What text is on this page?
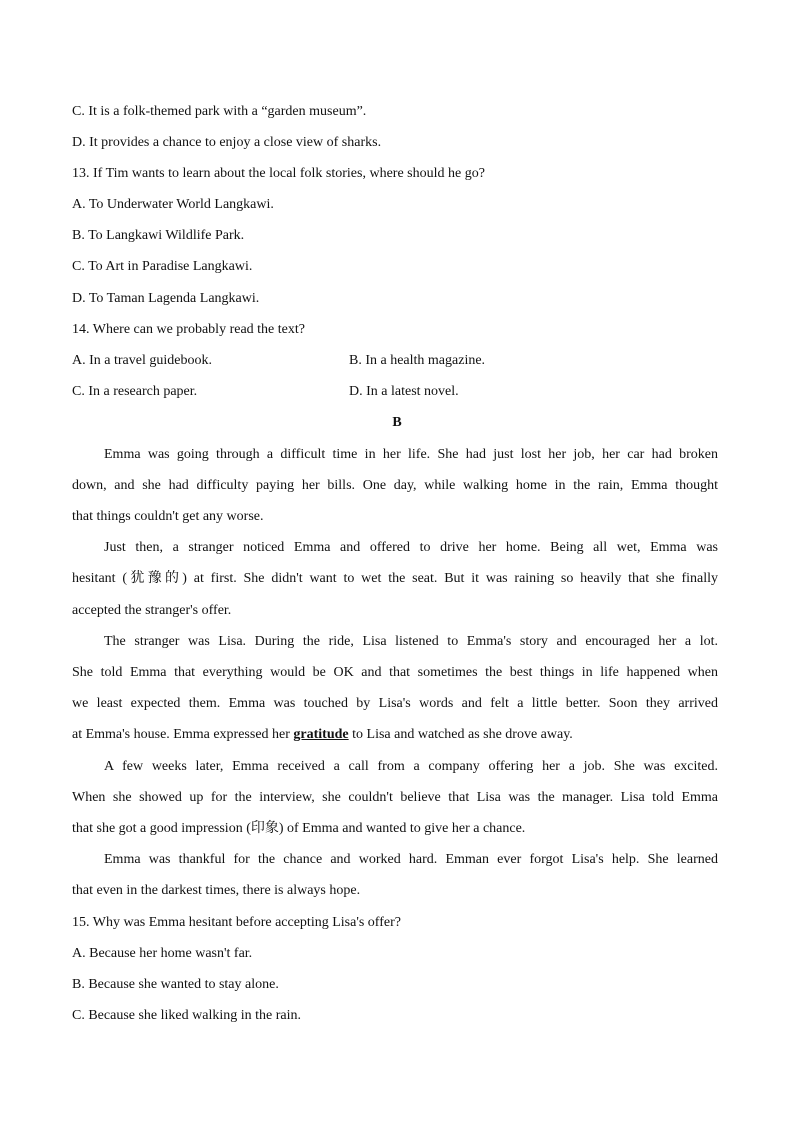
C. It is a folk-themed park with a “garden museum”.
D. It provides a chance to enjoy a close view of sharks.
13. If Tim wants to learn about the local folk stories, where should he go?
A. To Underwater World Langkawi.
B. To Langkawi Wildlife Park.
C. To Art in Paradise Langkawi.
D. To Taman Lagenda Langkawi.
14. Where can we probably read the text?
A. In a travel guidebook.	B. In a health magazine.
C. In a research paper.	D. In a latest novel.
B
Emma was going through a difficult time in her life. She had just lost her job, her car had broken
down, and she had difficulty paying her bills. One day, while walking home in the rain, Emma thought
that things couldn't get any worse.
Just then, a stranger noticed Emma and offered to drive her home. Being all wet, Emma was
hesitant (犹豫的) at first. She didn't want to wet the seat. But it was raining so heavily that she finally
accepted the stranger's offer.
The stranger was Lisa. During the ride, Lisa listened to Emma's story and encouraged her a lot.
She told Emma that everything would be OK and that sometimes the best things in life happened when
we least expected them. Emma was touched by Lisa's words and felt a little better. Soon they arrived
at Emma's house. Emma expressed her gratitude to Lisa and watched as she drove away.
A few weeks later, Emma received a call from a company offering her a job. She was excited.
When she showed up for the interview, she couldn't believe that Lisa was the manager. Lisa told Emma
that she got a good impression (印象) of Emma and wanted to give her a chance.
Emma was thankful for the chance and worked hard. Emman ever forgot Lisa's help. She learned
that even in the darkest times, there is always hope.
15. Why was Emma hesitant before accepting Lisa's offer?
A. Because her home wasn't far.
B. Because she wanted to stay alone.
C. Because she liked walking in the rain.
